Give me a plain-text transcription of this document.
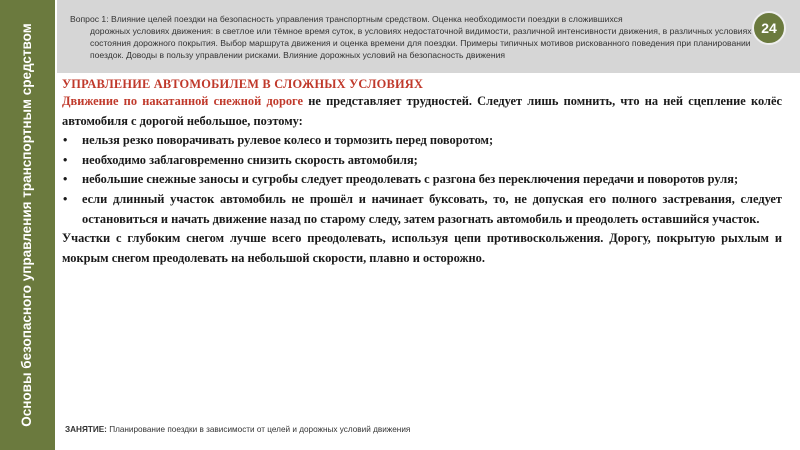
Основы безопасного управления транспортным средством
Вопрос 1: Влияние целей поездки на безопасность управления транспортным средством. Оценка необходимости поездки в сложившихся
дорожных условиях движения: в светлое или тёмное время суток, в условиях недостаточной видимости, различной интенсивности движения, в различных условиях состояния дорожного покрытия. Выбор маршрута движения и оценка времени для поездки. Примеры типичных мотивов рискованного поведения при планировании поездок. Доводы в пользу управлении рисками. Влияние дорожных условий на безопасность движения
24
УПРАВЛЕНИЕ АВТОМОБИЛЕМ В СЛОЖНЫХ УСЛОВИЯХ

Движение по накатанной снежной дороге не представляет трудностей. Следует лишь помнить, что на ней сцепление колёс автомобиля с дорогой небольшое, поэтому:

• нельзя резко поворачивать рулевое колесо и тормозить перед поворотом;
• необходимо заблаговременно снизить скорость автомобиля;
• небольшие снежные заносы и сугробы следует преодолевать с разгона без переключения передачи и поворотов руля;
• если длинный участок автомобиль не прошёл и начинает буксовать, то, не допуская его полного застревания, следует остановиться и начать движение назад по старому следу, затем разогнать автомобиль и преодолеть оставшийся участок.

Участки с глубоким снегом лучше всего преодолевать, используя цепи противоскольжения. Дорогу, покрытую рыхлым и мокрым снегом преодолевать на небольшой скорости, плавно и осторожно.

ЗАНЯТИЕ: Планирование поездки в зависимости от целей и дорожных условий движения
